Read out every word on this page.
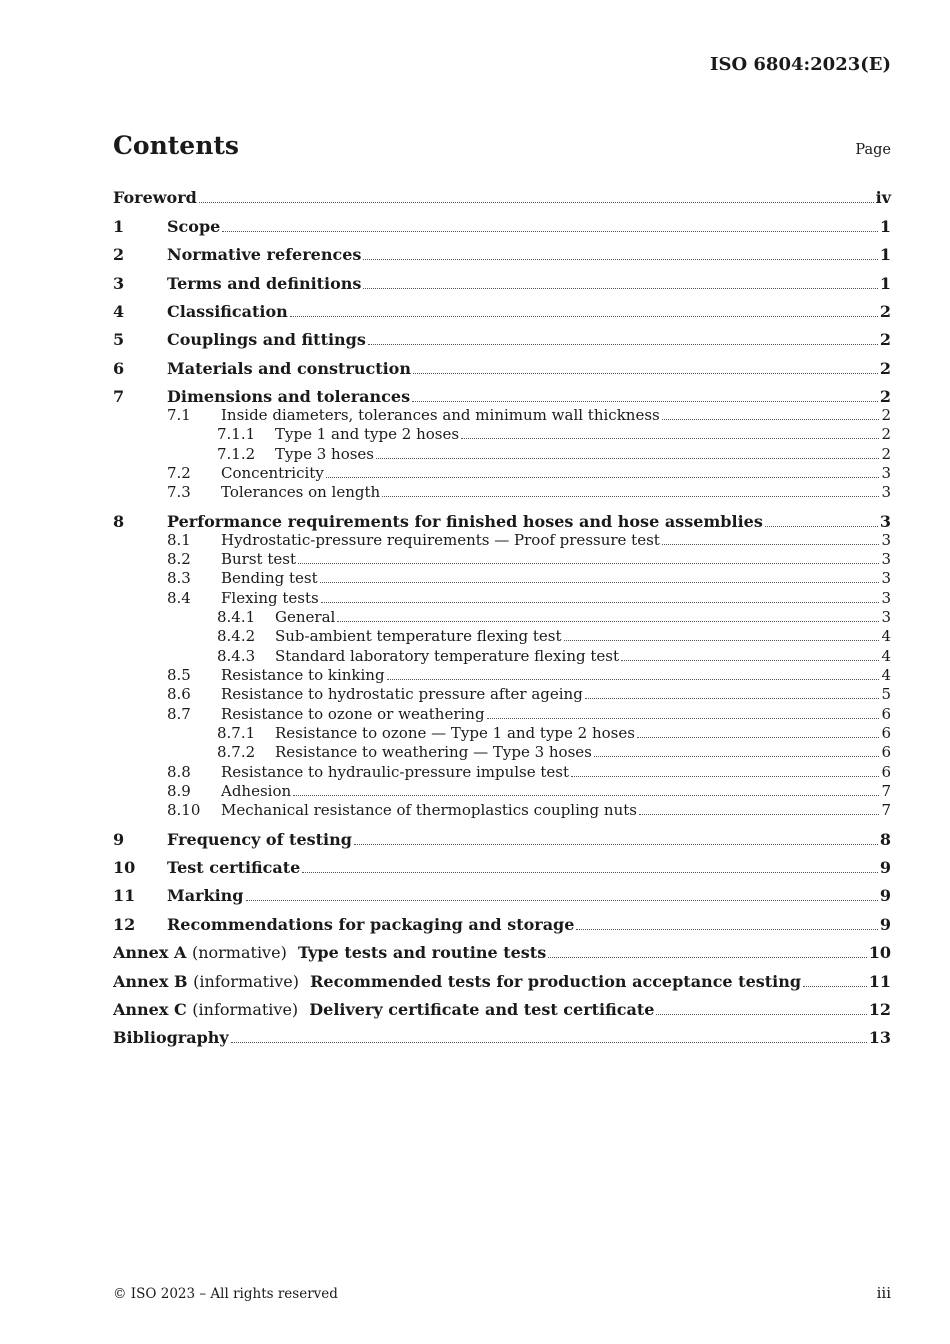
ISO 6804:2023(E)
Contents	Page
Foreword	iv
1	Scope	1
2	Normative references	1
3	Terms and definitions	1
4	Classification	2
5	Couplings and fittings	2
6	Materials and construction	2
7	Dimensions and tolerances	2
7.1	Inside diameters, tolerances and minimum wall thickness	2
7.1.1	Type 1 and type 2 hoses	2
7.1.2	Type 3 hoses	2
7.2	Concentricity	3
7.3	Tolerances on length	3
8	Performance requirements for finished hoses and hose assemblies	3
8.1	Hydrostatic-pressure requirements — Proof pressure test	3
8.2	Burst test	3
8.3	Bending test	3
8.4	Flexing tests	3
8.4.1	General	3
8.4.2	Sub-ambient temperature flexing test	4
8.4.3	Standard laboratory temperature flexing test	4
8.5	Resistance to kinking	4
8.6	Resistance to hydrostatic pressure after ageing	5
8.7	Resistance to ozone or weathering	6
8.7.1	Resistance to ozone — Type 1 and type 2 hoses	6
8.7.2	Resistance to weathering — Type 3 hoses	6
8.8	Resistance to hydraulic-pressure impulse test	6
8.9	Adhesion	7
8.10	Mechanical resistance of thermoplastics coupling nuts	7
9	Frequency of testing	8
10	Test certificate	9
11	Marking	9
12	Recommendations for packaging and storage	9
Annex A (normative) Type tests and routine tests	10
Annex B (informative) Recommended tests for production acceptance testing	11
Annex C (informative) Delivery certificate and test certificate	12
Bibliography	13
© ISO 2023 – All rights reserved	iii
